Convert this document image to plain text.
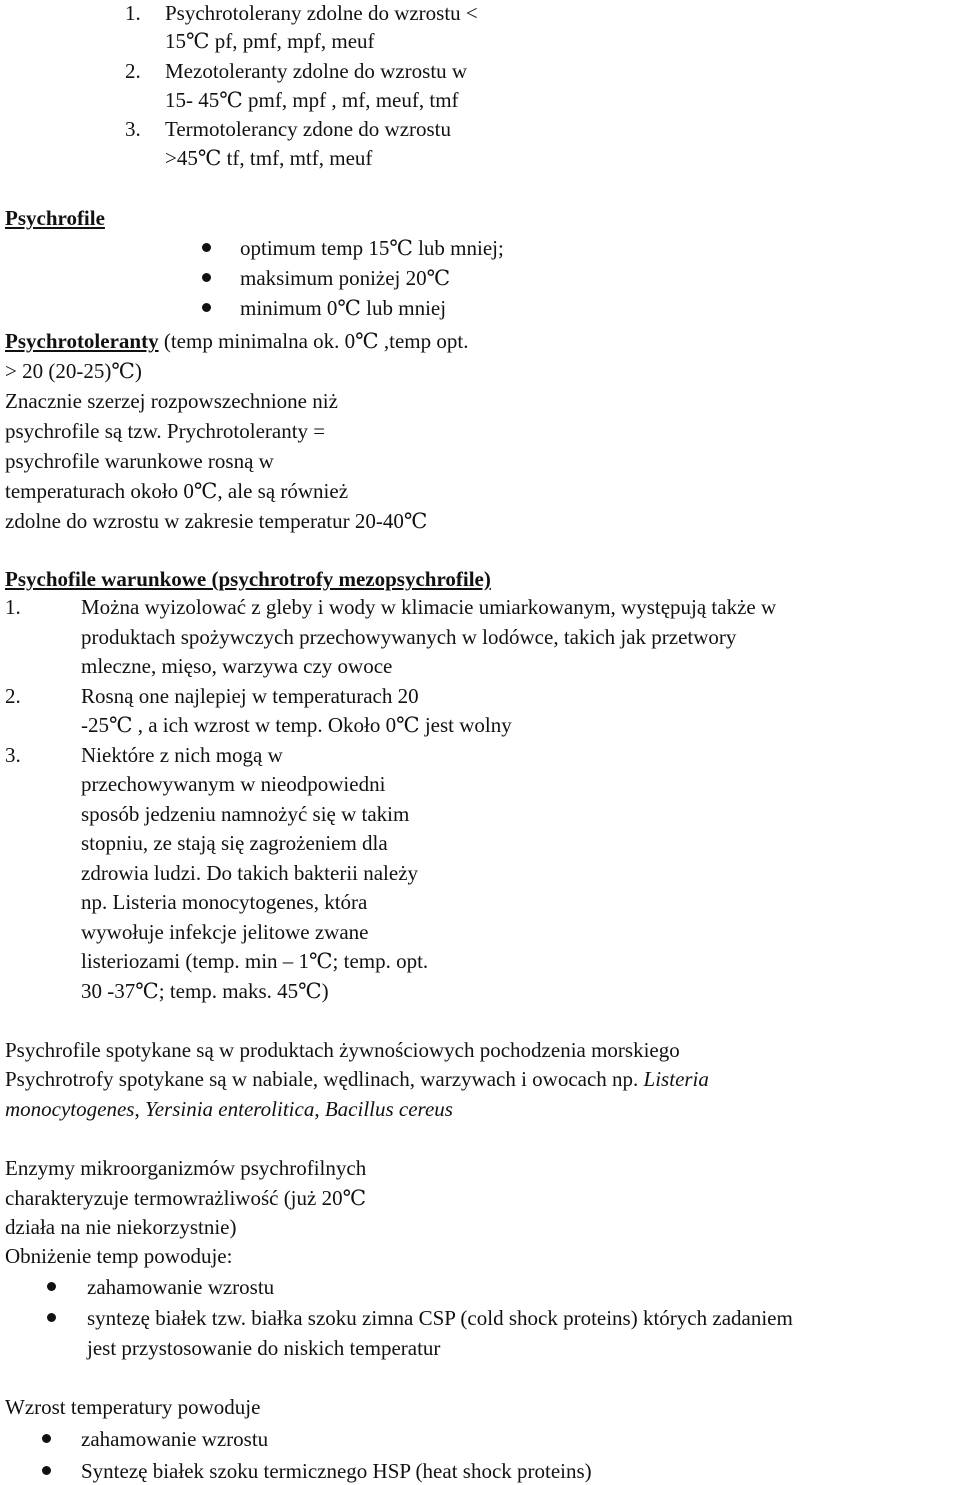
1. Psychrotolerany zdolne do wzrostu <
15℃ pf, pmf, mpf, meuf
2. Mezotoleranty zdolne do wzrostu w
15- 45℃ pmf, mpf , mf, meuf, tmf
3. Termotolerancy zdone do wzrostu
>45℃ tf, tmf, mtf, meuf
Psychrofile
optimum temp 15℃ lub mniej;
maksimum poniżej 20℃
minimum 0℃ lub mniej
Psychrotoleranty (temp minimalna ok. 0℃ ,temp opt.
> 20 (20-25)℃)
Znacznie szerzej rozpowszechnione niż
psychrofile są tzw. Prychrotoleranty =
psychrofile warunkowe rosną w
temperaturach około 0℃, ale są również
zdolne do wzrostu w zakresie temperatur 20-40℃
Psychofile warunkowe (psychrotrofy mezopsychrofile)
1.	Można wyizolować z gleby i wody w klimacie umiarkowanym, występują także w
produktach spożywczych przechowywanych w lodówce, takich jak przetwory
mleczne, mięso, warzywa czy owoce
2.	Rosną one najlepiej w temperaturach 20
-25℃ , a ich wzrost w temp. Około 0℃ jest wolny
3.	Niektóre z nich mogą w
przechowywanym w nieodpowiedni
sposób jedzeniu namnożyć się w takim
stopniu, ze stają się zagrożeniem dla
zdrowia ludzi. Do takich bakterii należy
np. Listeria monocytogenes, która
wywołuje infekcje jelitowe zwane
listeriozami (temp. min – 1℃; temp. opt.
30 -37℃; temp. maks. 45℃)
Psychrofile spotykane są w produktach żywnościowych pochodzenia morskiego
Psychrotrofy spotykane są w nabiale, wędlinach, warzywach i owocach np. Listeria
monocytogenes, Yersinia enterolitica, Bacillus cereus
Enzymy mikroorganizmów psychrofilnych
charakteryzuje termowrażliwość (już 20℃
działa na nie niekorzystnie)
Obniżenie temp powoduje:
zahamowanie wzrostu
syntezę białek tzw. białka szoku zimna CSP (cold shock proteins) których zadaniem
jest przystosowanie do niskich temperatur
Wzrost temperatury powoduje
zahamowanie wzrostu
Syntezę białek szoku termicznego HSP (heat shock proteins)
